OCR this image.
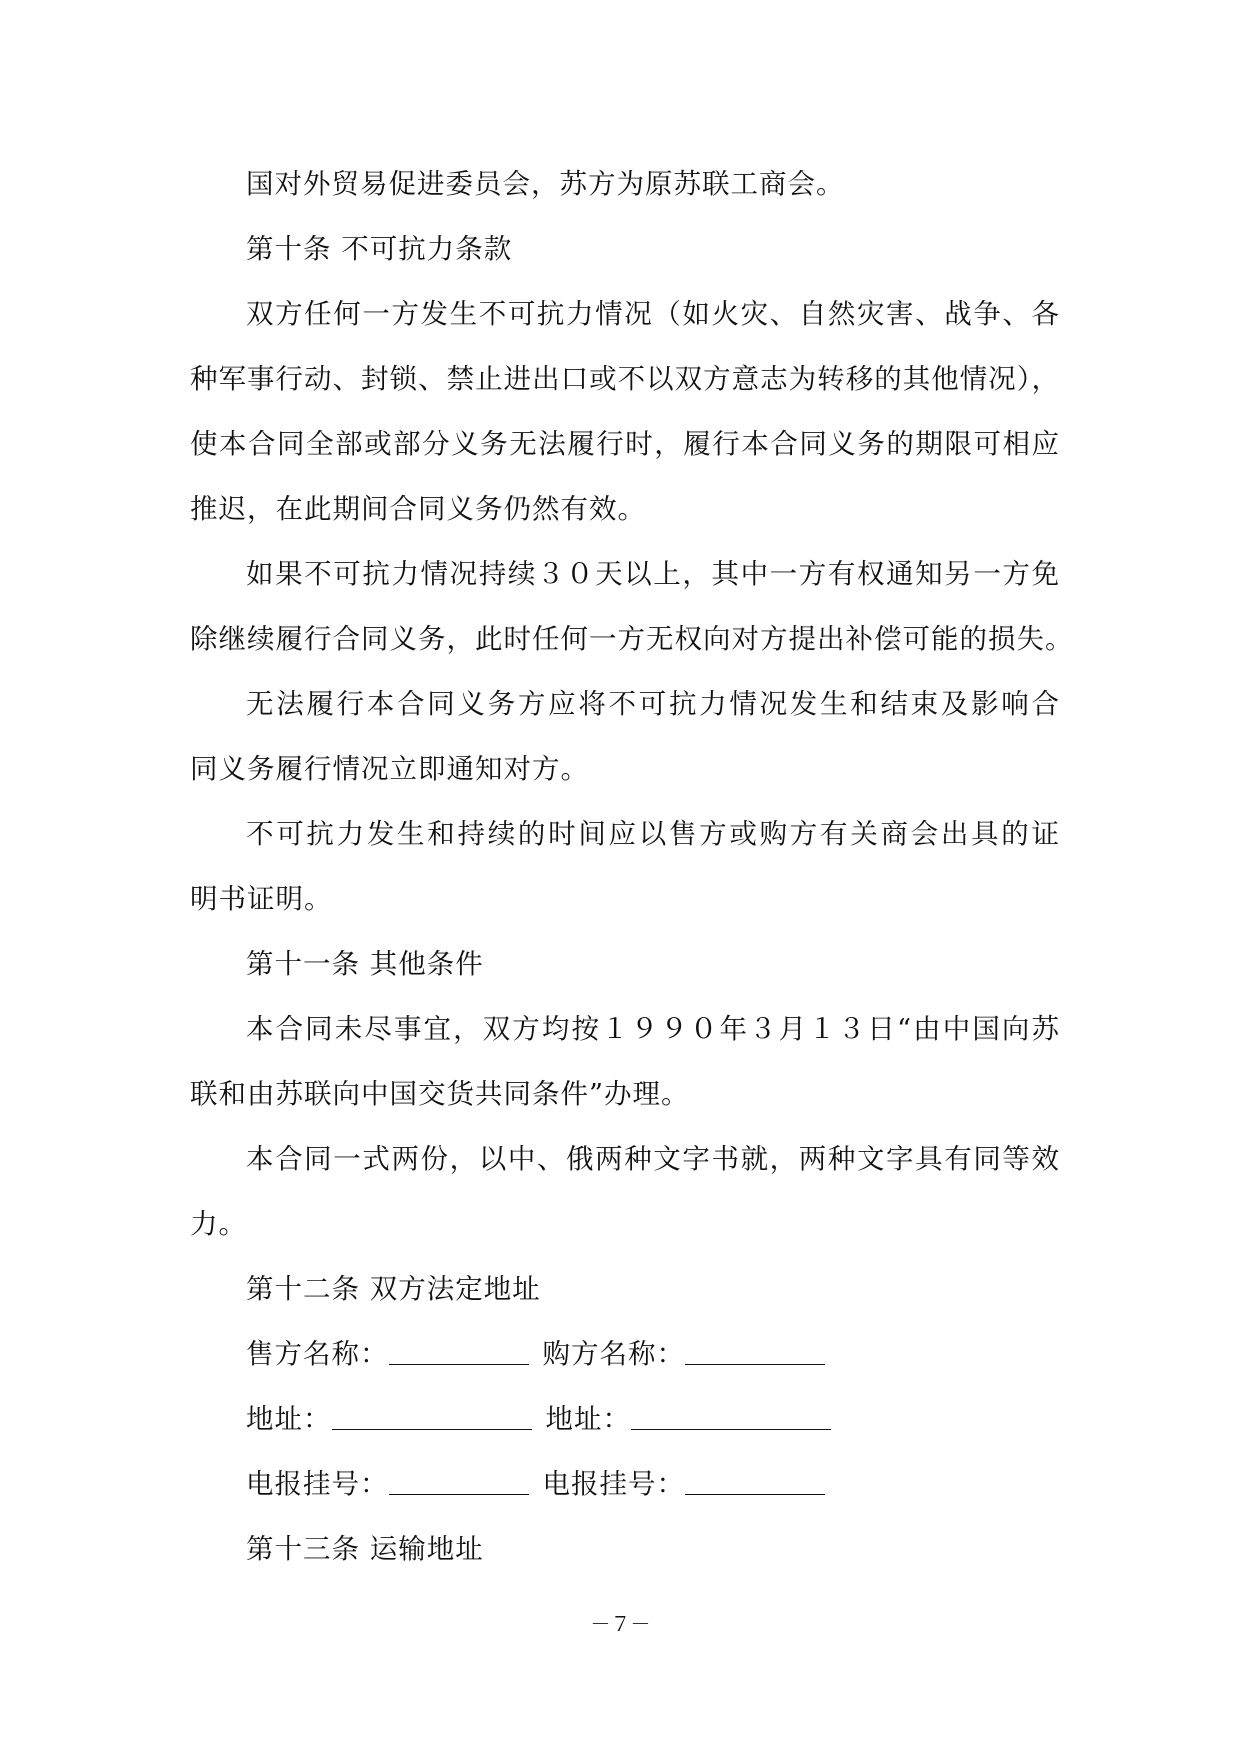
国对外贸易促进委员会，苏方为原苏联工商会。
第十条 不可抗力条款
双方任何一方发生不可抗力情况（如火灾、自然灾害、战争、各
种军事行动、封锁、禁止进出口或不以双方意志为转移的其他情况），
使本合同全部或部分义务无法履行时，履行本合同义务的期限可相应
推迟，在此期间合同义务仍然有效。
如果不可抗力情况持续３０天以上，其中一方有权通知另一方免
除继续履行合同义务，此时任何一方无权向对方提出补偿可能的损失。
无法履行本合同义务方应将不可抗力情况发生和结束及影响合
同义务履行情况立即通知对方。
不可抗力发生和持续的时间应以售方或购方有关商会出具的证
明书证明。
第十一条 其他条件
本合同未尽事宜，双方均按１９９０年３月１３日“由中国向苏
联和由苏联向中国交货共同条件”办理。
本合同一式两份，以中、俄两种文字书就，两种文字具有同等效
力。
第十二条 双方法定地址
售方名称：	购方名称：
地址：	地址：
电报挂号：	电报挂号：
第十三条 运输地址
－７－
